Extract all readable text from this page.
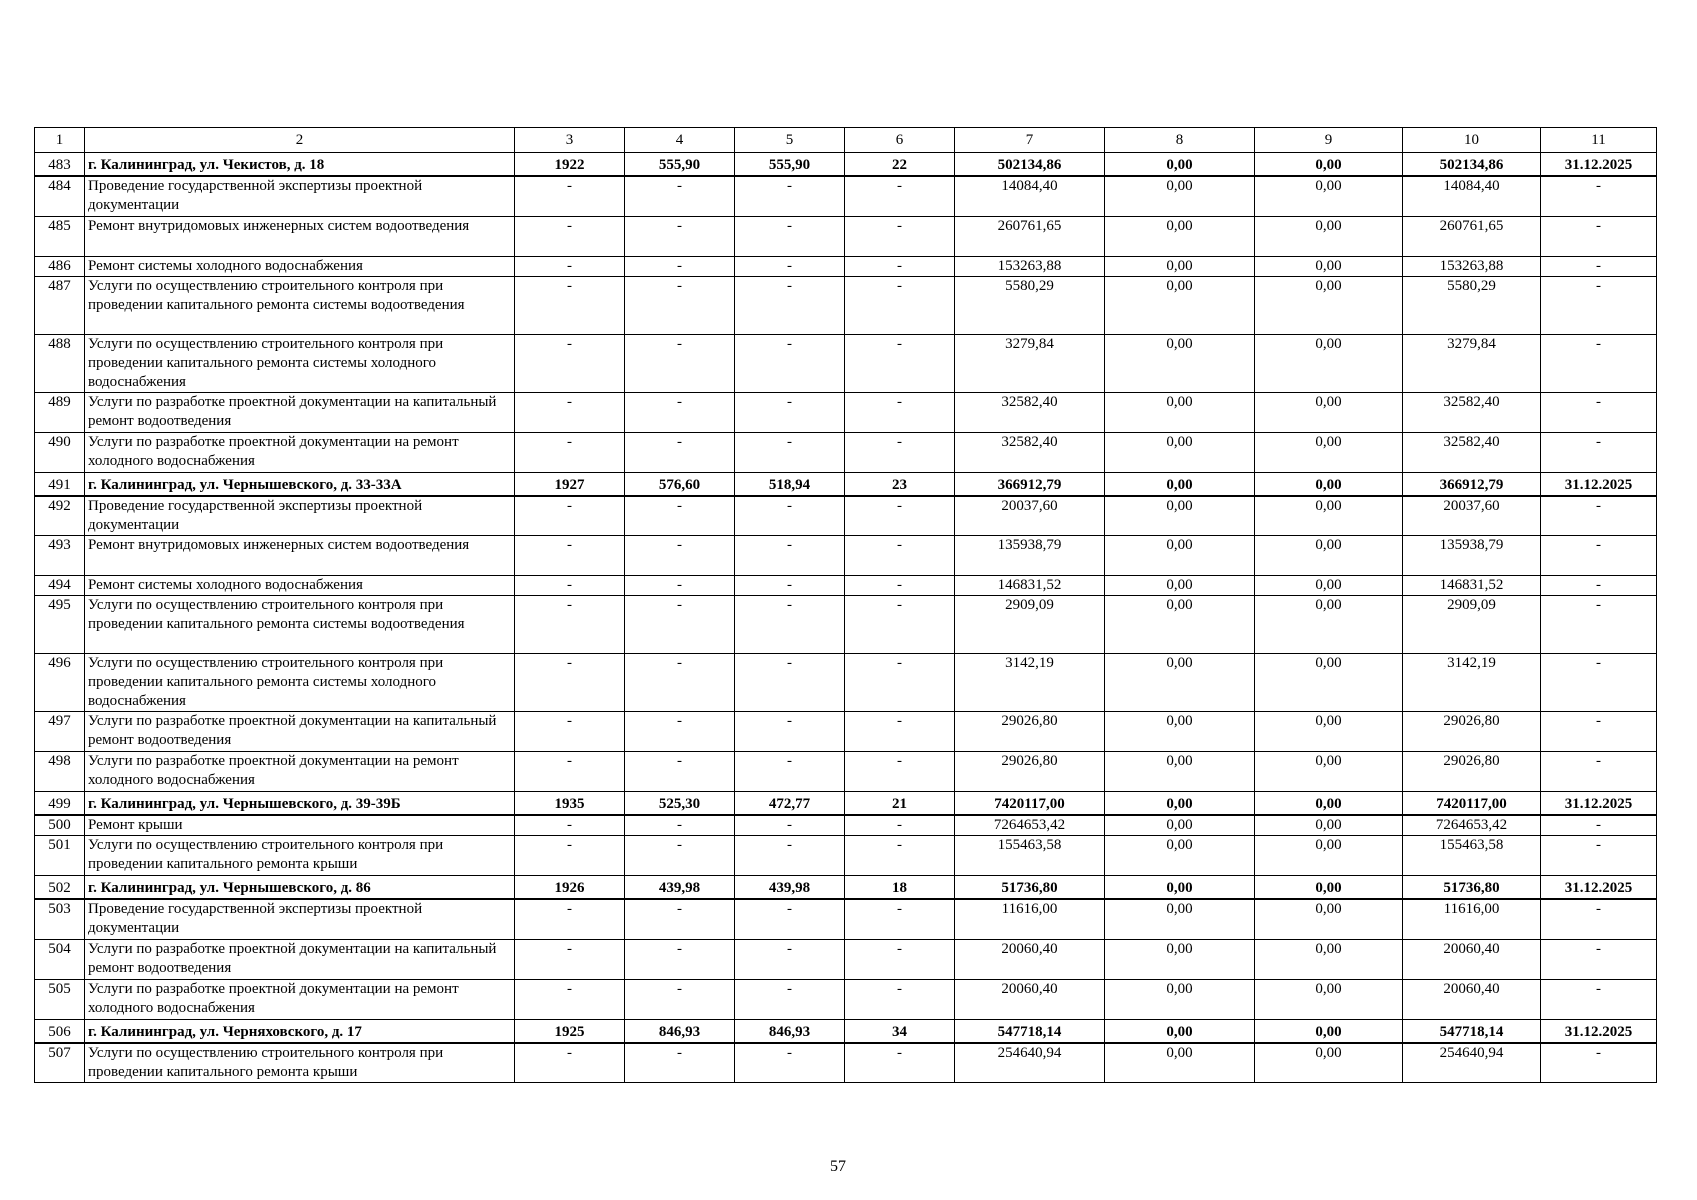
1	2	3	4	5	6	7	8	9	10	11
483	г. Калининград, ул. Чекистов, д. 18	1922	555,90	555,90	22	502134,86	0,00	0,00	502134,86	31.12.2025
484	Проведение государственной экспертизы проектной документации	-	-	-	-	14084,40	0,00	0,00	14084,40	-
485	Ремонт внутридомовых инженерных систем водоотведения	-	-	-	-	260761,65	0,00	0,00	260761,65	-
486	Ремонт системы холодного водоснабжения	-	-	-	-	153263,88	0,00	0,00	153263,88	-
487	Услуги по осуществлению строительного контроля при проведении капитального ремонта системы водоотведения	-	-	-	-	5580,29	0,00	0,00	5580,29	-
488	Услуги по осуществлению строительного контроля при проведении капитального ремонта системы холодного водоснабжения	-	-	-	-	3279,84	0,00	0,00	3279,84	-
489	Услуги по разработке проектной документации на капитальный ремонт водоотведения	-	-	-	-	32582,40	0,00	0,00	32582,40	-
490	Услуги по разработке проектной документации на ремонт холодного водоснабжения	-	-	-	-	32582,40	0,00	0,00	32582,40	-
491	г. Калининград, ул. Чернышевского, д. 33-33А	1927	576,60	518,94	23	366912,79	0,00	0,00	366912,79	31.12.2025
492	Проведение государственной экспертизы проектной документации	-	-	-	-	20037,60	0,00	0,00	20037,60	-
493	Ремонт внутридомовых инженерных систем водоотведения	-	-	-	-	135938,79	0,00	0,00	135938,79	-
494	Ремонт системы холодного водоснабжения	-	-	-	-	146831,52	0,00	0,00	146831,52	-
495	Услуги по осуществлению строительного контроля при проведении капитального ремонта системы водоотведения	-	-	-	-	2909,09	0,00	0,00	2909,09	-
496	Услуги по осуществлению строительного контроля при проведении капитального ремонта системы холодного водоснабжения	-	-	-	-	3142,19	0,00	0,00	3142,19	-
497	Услуги по разработке проектной документации на капитальный ремонт водоотведения	-	-	-	-	29026,80	0,00	0,00	29026,80	-
498	Услуги по разработке проектной документации на ремонт холодного водоснабжения	-	-	-	-	29026,80	0,00	0,00	29026,80	-
499	г. Калининград, ул. Чернышевского, д. 39-39Б	1935	525,30	472,77	21	7420117,00	0,00	0,00	7420117,00	31.12.2025
500	Ремонт крыши	-	-	-	-	7264653,42	0,00	0,00	7264653,42	-
501	Услуги по осуществлению строительного контроля при проведении капитального ремонта крыши	-	-	-	-	155463,58	0,00	0,00	155463,58	-
502	г. Калининград, ул. Чернышевского, д. 86	1926	439,98	439,98	18	51736,80	0,00	0,00	51736,80	31.12.2025
503	Проведение государственной экспертизы проектной документации	-	-	-	-	11616,00	0,00	0,00	11616,00	-
504	Услуги по разработке проектной документации на капитальный ремонт водоотведения	-	-	-	-	20060,40	0,00	0,00	20060,40	-
505	Услуги по разработке проектной документации на ремонт холодного водоснабжения	-	-	-	-	20060,40	0,00	0,00	20060,40	-
506	г. Калининград, ул. Черняховского, д. 17	1925	846,93	846,93	34	547718,14	0,00	0,00	547718,14	31.12.2025
507	Услуги по осуществлению строительного контроля при проведении капитального ремонта крыши	-	-	-	-	254640,94	0,00	0,00	254640,94	-
57
